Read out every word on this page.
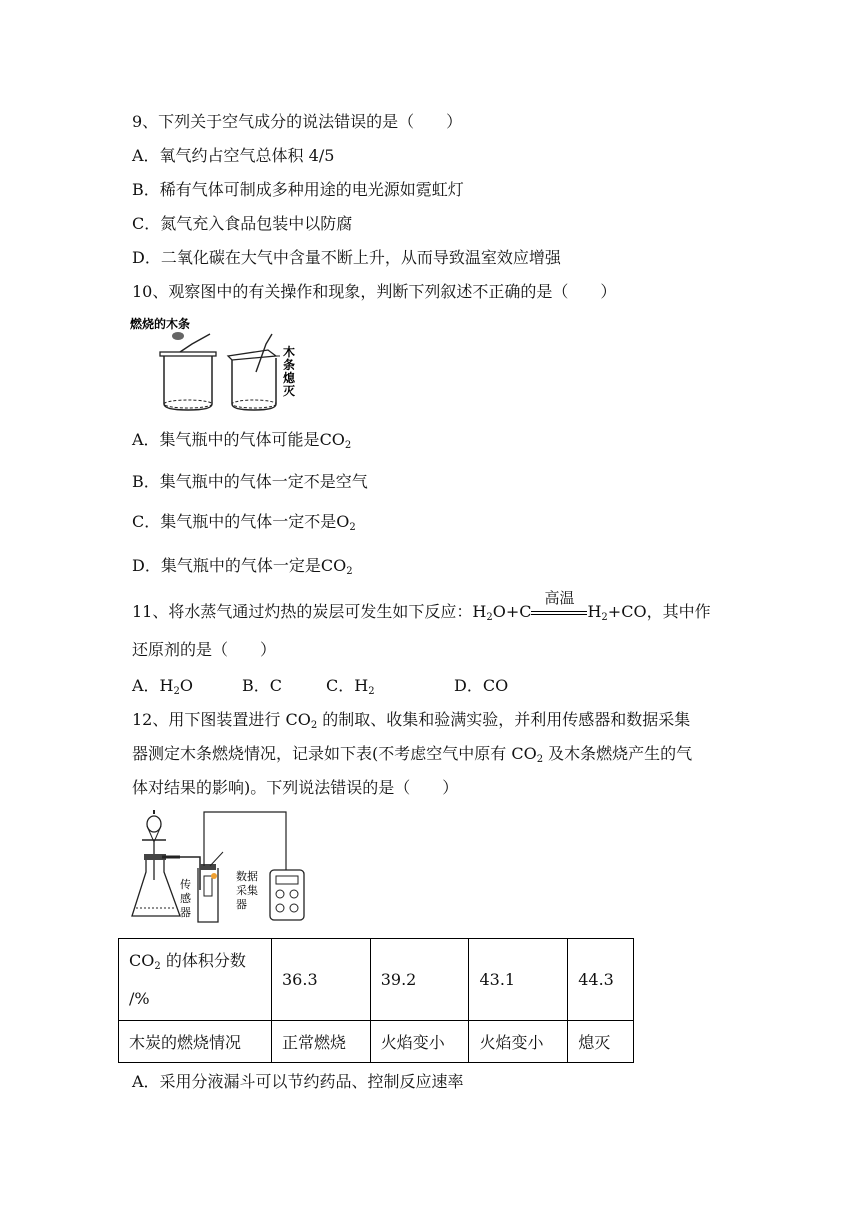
9、下列关于空气成分的说法错误的是（　　）
A．氧气约占空气总体积 4/5
B．稀有气体可制成多种用途的电光源如霓虹灯
C．氮气充入食品包装中以防腐
D．二氧化碳在大气中含量不断上升，从而导致温室效应增强
10、观察图中的有关操作和现象，判断下列叙述不正确的是（　　）
燃烧的木条
木
条
熄
灭
A．集气瓶中的气体可能是$CO_2$
B．集气瓶中的气体一定不是空气
C．集气瓶中的气体一定不是$O_2$
D．集气瓶中的气体一定是$CO_2$
11、将水蒸气通过灼热的炭层可发生如下反应：$H_2O+C$
高温
$H_2+CO$，其中作
还原剂的是（　　）
A．$H_2O$	B．C	C．$H_2$	D．CO
12、用下图装置进行 $CO_2$ 的制取、收集和验满实验，并利用传感器和数据采集
器测定木条燃烧情况，记录如下表(不考虑空气中原有 $CO_2$ 及木条燃烧产生的气
体对结果的影响)。下列说法错误的是（　　）
传
感
器
数据
采集
器
$CO_2$ 的体积分数
/%	36.3	39.2	43.1	44.3
木炭的燃烧情况	正常燃烧	火焰变小	火焰变小	熄灭
A．采用分液漏斗可以节约药品、控制反应速率
